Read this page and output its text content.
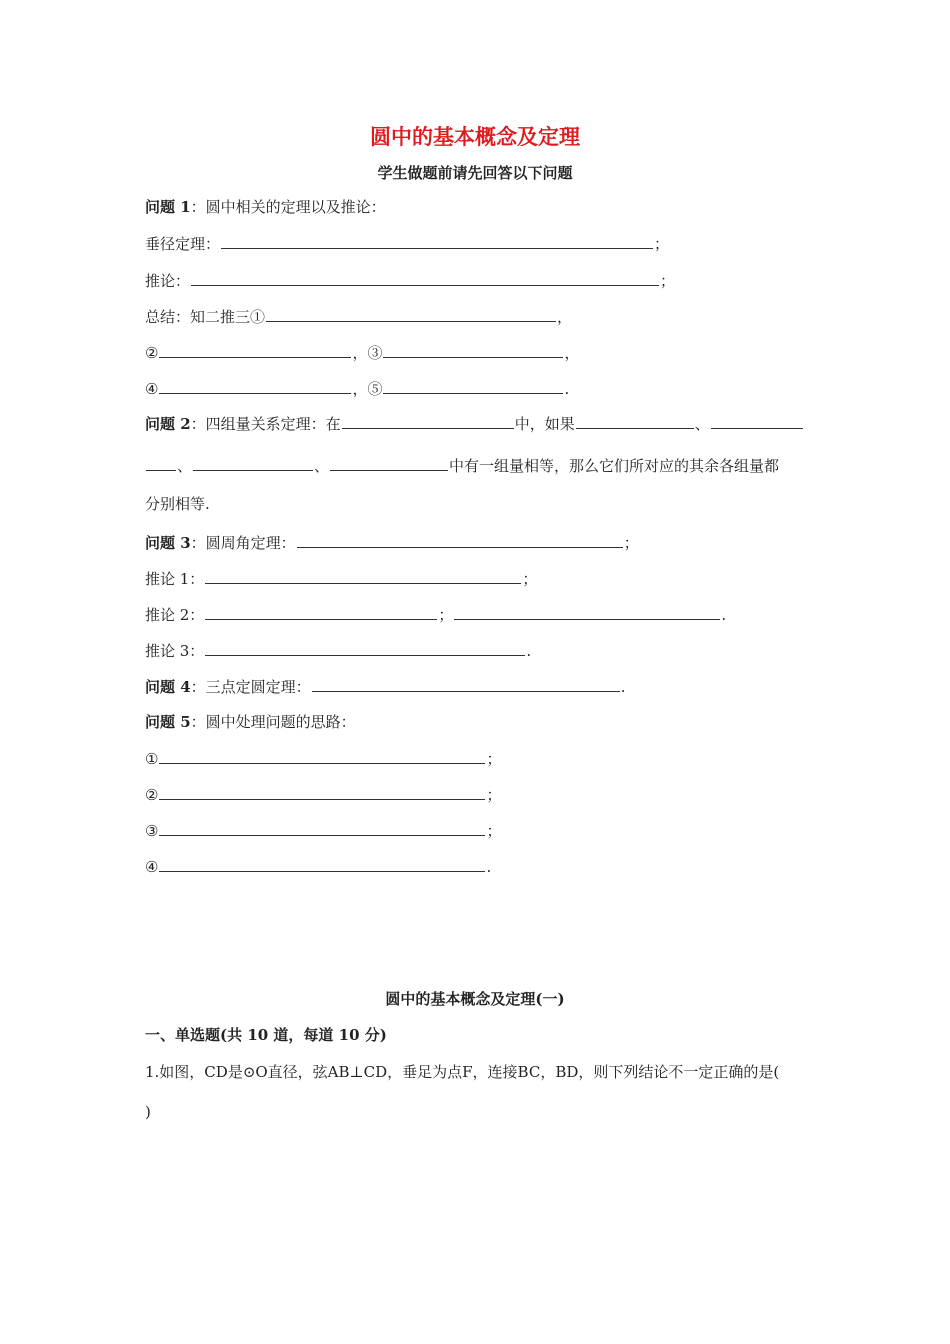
圆中的基本概念及定理
学生做题前请先回答以下问题
问题 1：圆中相关的定理以及推论：
垂径定理：	；
推论：	；
总结：知二推三①	，
②	，③	，
④	，⑤	.
问题 2：四组量关系定理：在	中，如果	、
、	、	中有一组量相等，那么它们所对应的其余各组量都
分别相等.
问题 3：圆周角定理：	；
推论 1：	；
推论 2：	；	.
推论 3：	.
问题 4：三点定圆定理：	.
问题 5：圆中处理问题的思路：
①	；
②	；
③	；
④	.
圆中的基本概念及定理(一)
一、单选题(共 10 道，每道 10 分)
1.如图，CD是⊙O直径，弦AB⊥CD，垂足为点F，连接BC，BD，则下列结论不一定正确的是(
)
